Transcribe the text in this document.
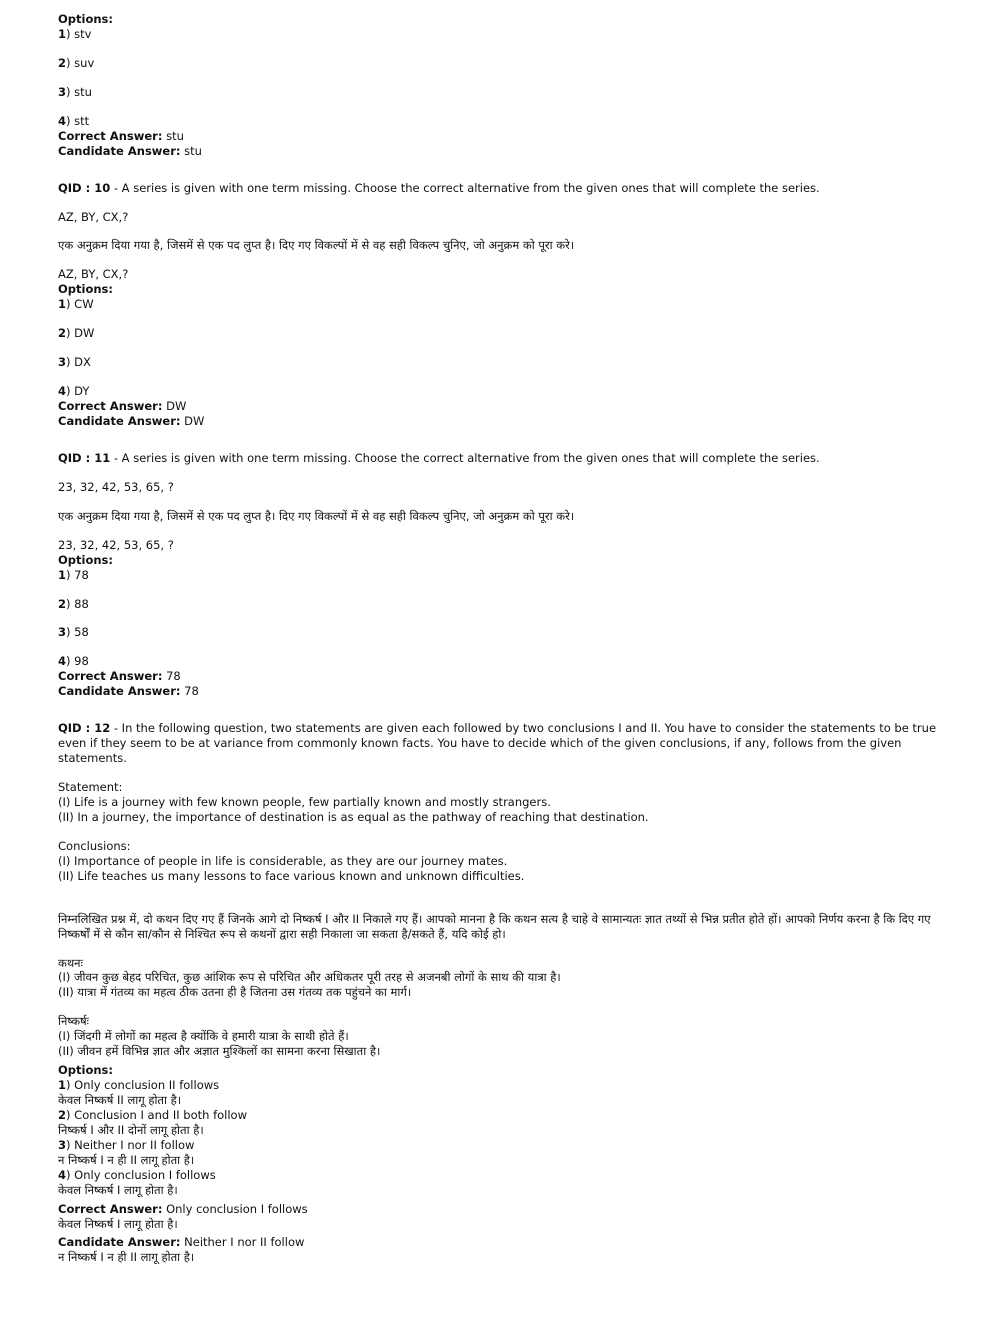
Options:

1) stv

2) suv

3) stu

4) stt

Correct Answer: stu

Candidate Answer: stu

QID : 10 - A series is given with one term missing. Choose the correct alternative from the given ones that will complete the series.

AZ, BY, CX,?

एक अनुक्रम दिया गया है, जिसमें से एक पद लुप्त है। दिए गए विकल्पों में से वह सही विकल्प चुनिए, जो अनुक्रम को पूरा करे।

AZ, BY, CX,?

Options:

1) CW

2) DW

3) DX

4) DY

Correct Answer: DW

Candidate Answer: DW

QID : 11 - A series is given with one term missing. Choose the correct alternative from the given ones that will complete the series.

23, 32, 42, 53, 65, ?

एक अनुक्रम दिया गया है, जिसमें से एक पद लुप्त है। दिए गए विकल्पों में से वह सही विकल्प चुनिए, जो अनुक्रम को पूरा करे।

23, 32, 42, 53, 65, ?

Options:

1) 78

2) 88

3) 58

4) 98

Correct Answer: 78

Candidate Answer: 78

QID : 12 - In the following question, two statements are given each followed by two conclusions I and II. You have to consider the statements to be true even if they seem to be at variance from commonly known facts. You have to decide which of the given conclusions, if any, follows from the given statements.

Statement:

(I) Life is a journey with few known people, few partially known and mostly strangers.

(II) In a journey, the importance of destination is as equal as the pathway of reaching that destination.

Conclusions:

(I) Importance of people in life is considerable, as they are our journey mates.

(II) Life teaches us many lessons to face various known and unknown difficulties.

निम्नलिखित प्रश्न में, दो कथन दिए गए हैं जिनके आगे दो निष्कर्ष I और II निकाले गए हैं। आपको मानना है कि कथन सत्य है चाहे वे सामान्यतः ज्ञात तथ्यों से भिन्न प्रतीत होते हों। आपको निर्णय करना है कि दिए गए निष्कर्षों में से कौन सा/कौन से निश्चित रूप से कथनों द्वारा सही निकाला जा सकता है/सकते हैं, यदि कोई हो।

कथनः

(I) जीवन कुछ बेहद परिचित, कुछ आंशिक रूप से परिचित और अधिकतर पूरी तरह से अजनबी लोगों के साथ की यात्रा है।

(II) यात्रा में गंतव्य का महत्व ठीक उतना ही है जितना उस गंतव्य तक पहुंचने का मार्ग।

निष्कर्षः

(I) जिंदगी में लोगों का महत्व है क्योंकि वे हमारी यात्रा के साथी होते हैं।

(II) जीवन हमें विभिन्न ज्ञात और अज्ञात मुश्किलों का सामना करना सिखाता है।

Options:

1) Only conclusion II follows

केवल निष्कर्ष II लागू होता है।

2) Conclusion I and II both follow

निष्कर्ष I और II दोनों लागू होता है।

3) Neither I nor II follow

न निष्कर्ष I न ही II लागू होता है।

4) Only conclusion I follows

केवल निष्कर्ष I लागू होता है।

Correct Answer: Only conclusion I follows

केवल निष्कर्ष I लागू होता है।

Candidate Answer: Neither I nor II follow

न निष्कर्ष I न ही II लागू होता है।
